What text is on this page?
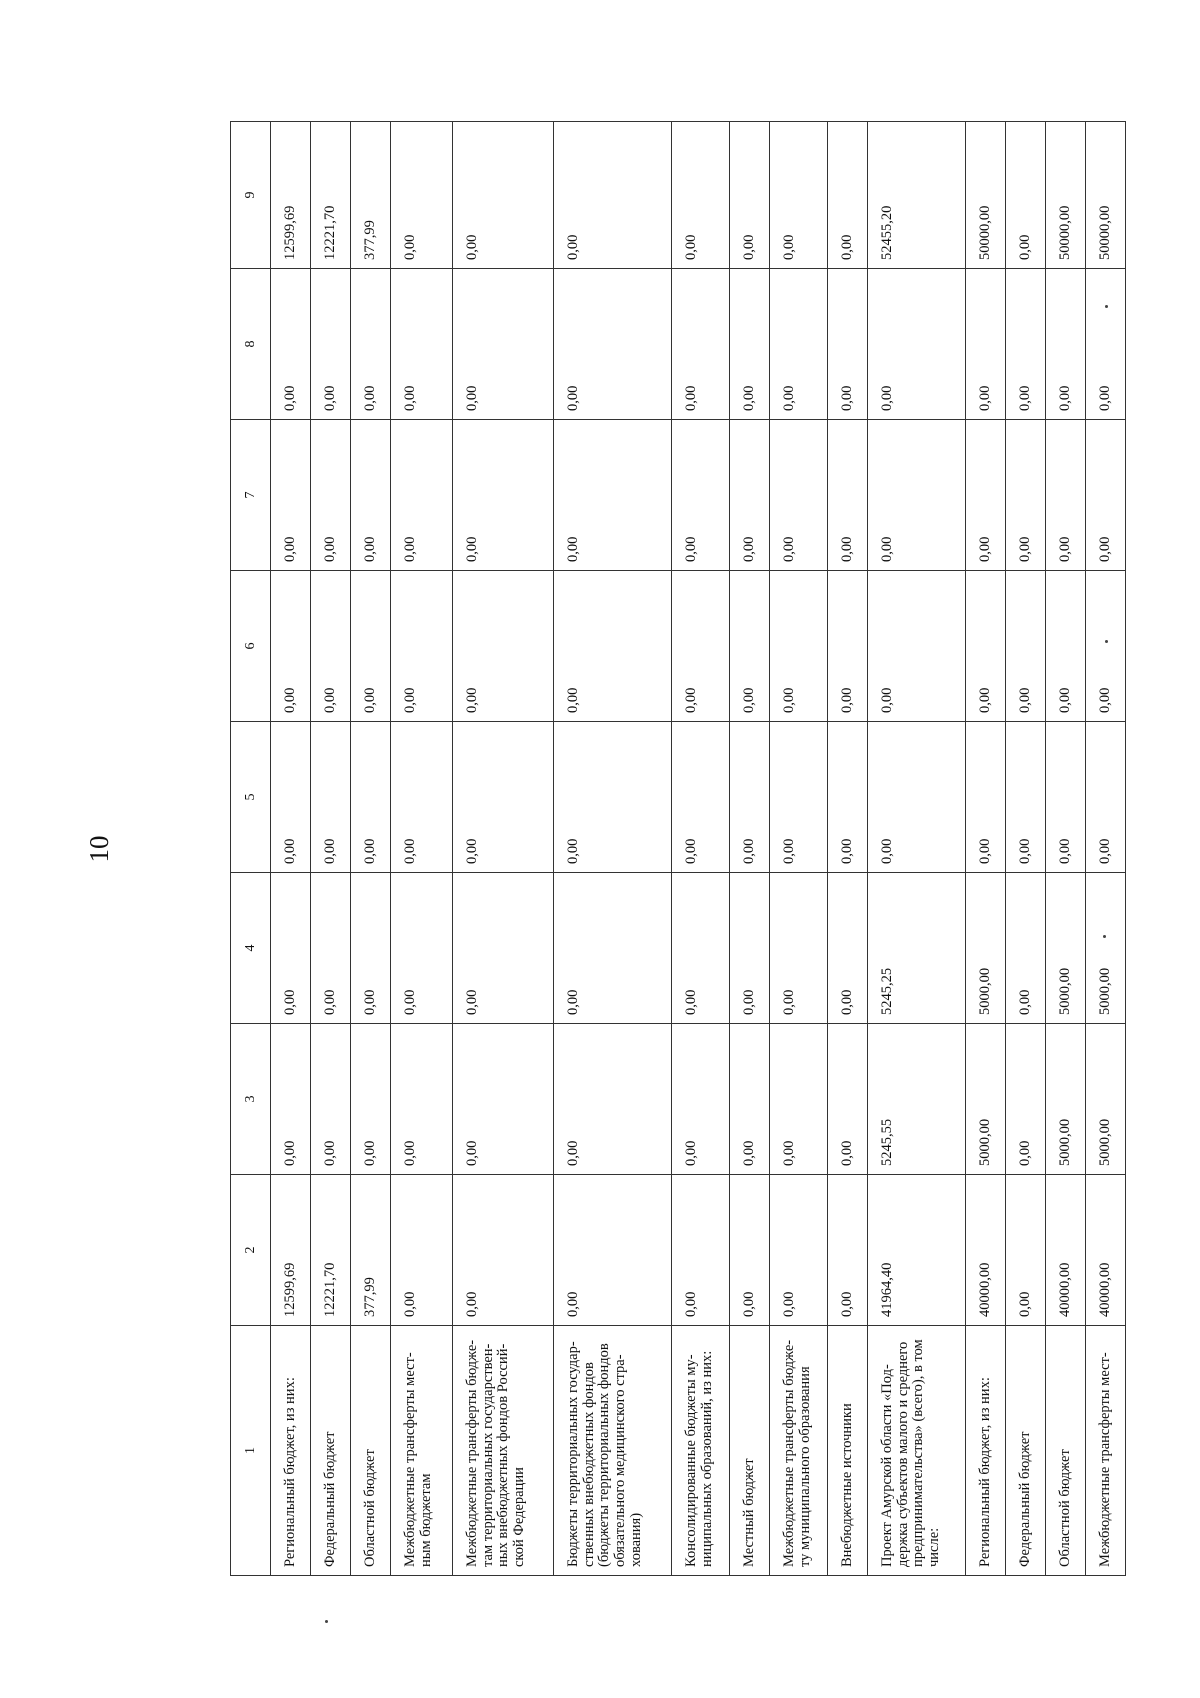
10
1	2	3	4	5	6	7	8	9
Региональный бюджет, из них:	12599,69	0,00	0,00	0,00	0,00	0,00	0,00	12599,69
Федеральный бюджет	12221,70	0,00	0,00	0,00	0,00	0,00	0,00	12221,70
Областной бюджет	377,99	0,00	0,00	0,00	0,00	0,00	0,00	377,99
Межбюджетные трансферты мест-ным бюджетам	0,00	0,00	0,00	0,00	0,00	0,00	0,00	0,00
Межбюджетные трансферты бюдже-там территориальных государствен-ных внебюджетных фондов Россий-ской Федерации	0,00	0,00	0,00	0,00	0,00	0,00	0,00	0,00
Бюджеты территориальных государ-ственных внебюджетных фондов (бюджеты территориальных фондов обязательного медицинского стра-хования)	0,00	0,00	0,00	0,00	0,00	0,00	0,00	0,00
Консолидированные бюджеты му-ниципальных образований, из них:	0,00	0,00	0,00	0,00	0,00	0,00	0,00	0,00
Местный бюджет	0,00	0,00	0,00	0,00	0,00	0,00	0,00	0,00
Межбюджетные трансферты бюдже-ту муниципального образования	0,00	0,00	0,00	0,00	0,00	0,00	0,00	0,00
Внебюджетные источники	0,00	0,00	0,00	0,00	0,00	0,00	0,00	0,00
Проект Амурской области «Под-держка субъектов малого и среднего предпринимательства» (всего), в том числе:	41964,40	5245,55	5245,25	0,00	0,00	0,00	0,00	52455,20
Региональный бюджет, из них:	40000,00	5000,00	5000,00	0,00	0,00	0,00	0,00	50000,00
Федеральный бюджет	0,00	0,00	0,00	0,00	0,00	0,00	0,00	0,00
Областной бюджет	40000,00	5000,00	5000,00	0,00	0,00	0,00	0,00	50000,00
Межбюджетные трансферты мест-	40000,00	5000,00	5000,00	0,00	0,00	0,00	0,00	50000,00
